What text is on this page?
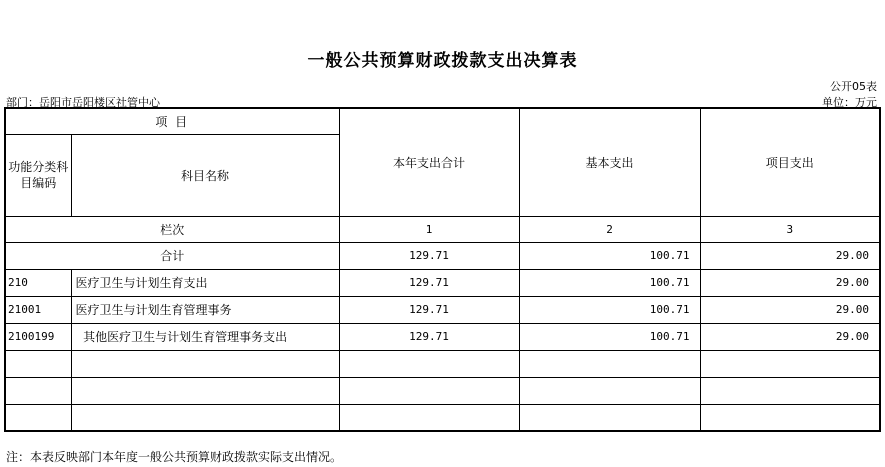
一般公共预算财政拨款支出决算表
公开05表
部门：岳阳市岳阳楼区社管中心	单位：万元
项 目		本年支出合计	基本支出	项目支出
功能分类科目编码	科目名称			
栏次		1	2	3
合计		129.71	100.71	29.00
210	医疗卫生与计划生育支出	129.71	100.71	29.00
21001	医疗卫生与计划生育管理事务	129.71	100.71	29.00
2100199	其他医疗卫生与计划生育管理事务支出	129.71	100.71	29.00

注：本表反映部门本年度一般公共预算财政拨款实际支出情况。
